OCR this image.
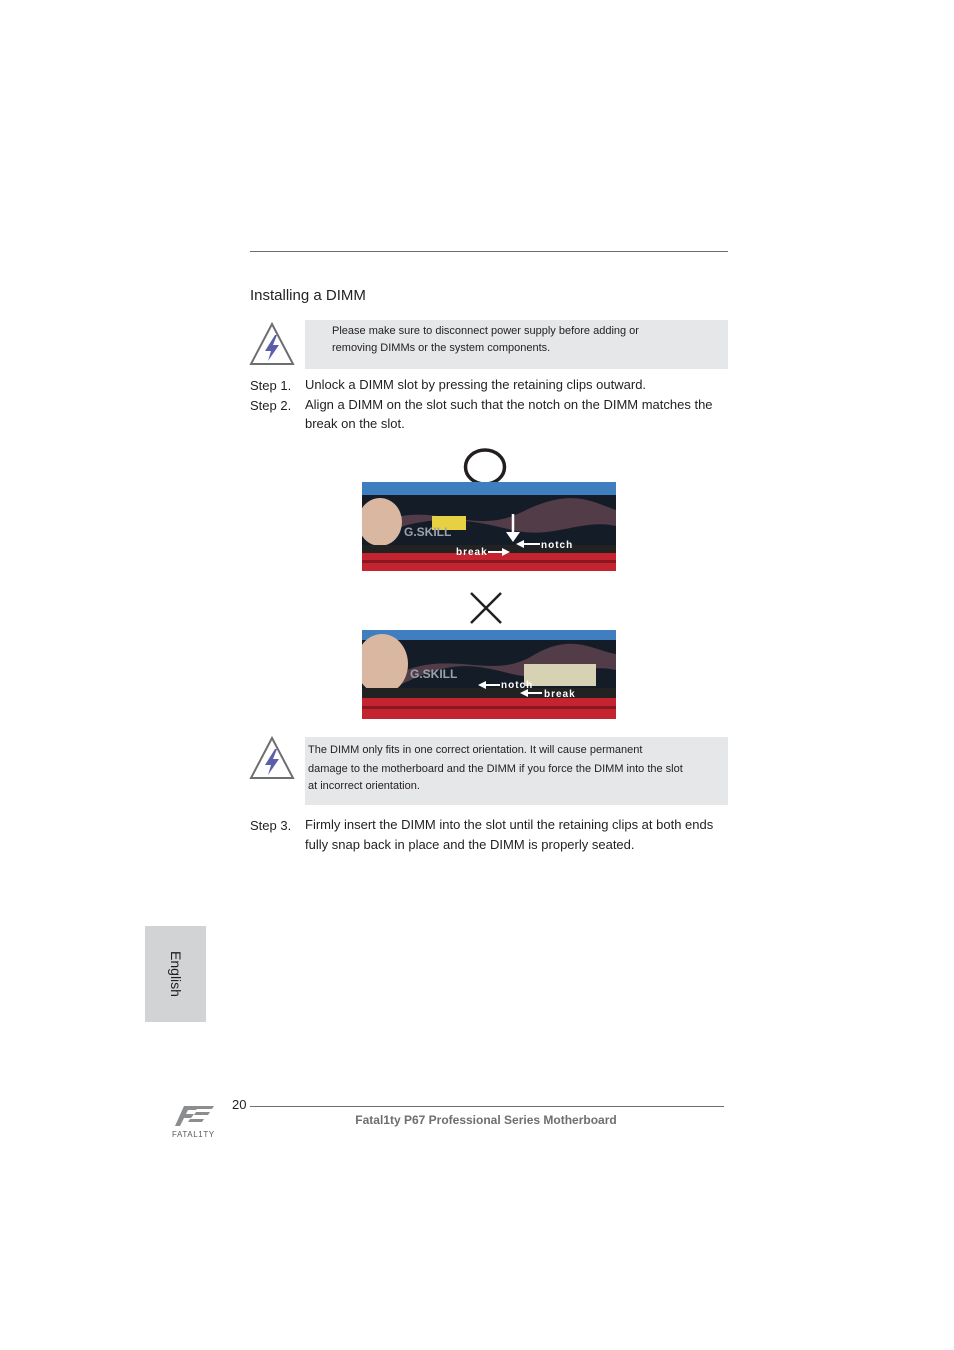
Installing a DIMM
Please make sure to disconnect power supply before adding or
removing DIMMs or the system components.
Step 1. Unlock a DIMM slot by pressing the retaining clips outward.
Step 2. Align a DIMM on the slot such that the notch on the DIMM matches the
break on the slot.
G.SKILL
notch
break
G.SKILL
notch
break
The DIMM only fits in one correct orientation. It will cause permanent
damage to the motherboard and the DIMM if you force the DIMM into the slot
at incorrect orientation.
Step 3. Firmly insert the DIMM into the slot until the retaining clips at both ends
fully snap back in place and the DIMM is properly seated.
English
FATAL1TY
20
Fatal1ty P67 Professional Series Motherboard
